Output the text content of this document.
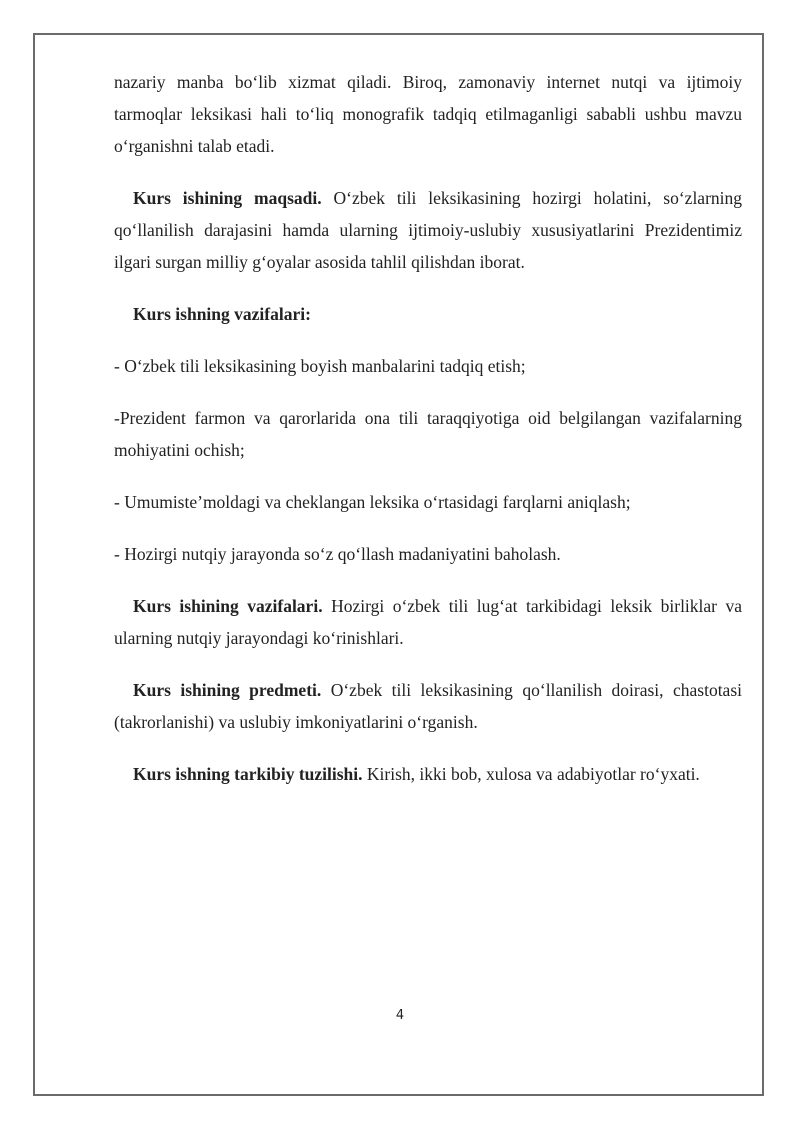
nazariy manba bo‘lib xizmat qiladi. Biroq, zamonaviy internet nutqi va ijtimoiy tarmoqlar leksikasi hali to‘liq monografik tadqiq etilmaganligi sababli ushbu mavzu o‘rganishni talab etadi.

Kurs ishining maqsadi. O‘zbek tili leksikasining hozirgi holatini, so‘zlarning qo‘llanilish darajasini hamda ularning ijtimoiy-uslubiy xususiyatlarini Prezidentimiz ilgari surgan milliy g‘oyalar asosida tahlil qilishdan iborat.

Kurs ishning vazifalari:

- O‘zbek tili leksikasining boyish manbalarini tadqiq etish;

-Prezident farmon va qarorlarida ona tili taraqqiyotiga oid belgilangan vazifalarning mohiyatini ochish;

- Umumiste’moldagi va cheklangan leksika o‘rtasidagi farqlarni aniqlash;

- Hozirgi nutqiy jarayonda so‘z qo‘llash madaniyatini baholash.

Kurs ishining vazifalari. Hozirgi o‘zbek tili lug‘at tarkibidagi leksik birliklar va ularning nutqiy jarayondagi ko‘rinishlari.

Kurs ishining predmeti. O‘zbek tili leksikasining qo‘llanilish doirasi, chastotasi (takrorlanishi) va uslubiy imkoniyatlarini o‘rganish.

Kurs ishning tarkibiy tuzilishi. Kirish, ikki bob, xulosa va adabiyotlar ro‘yxati.

4
